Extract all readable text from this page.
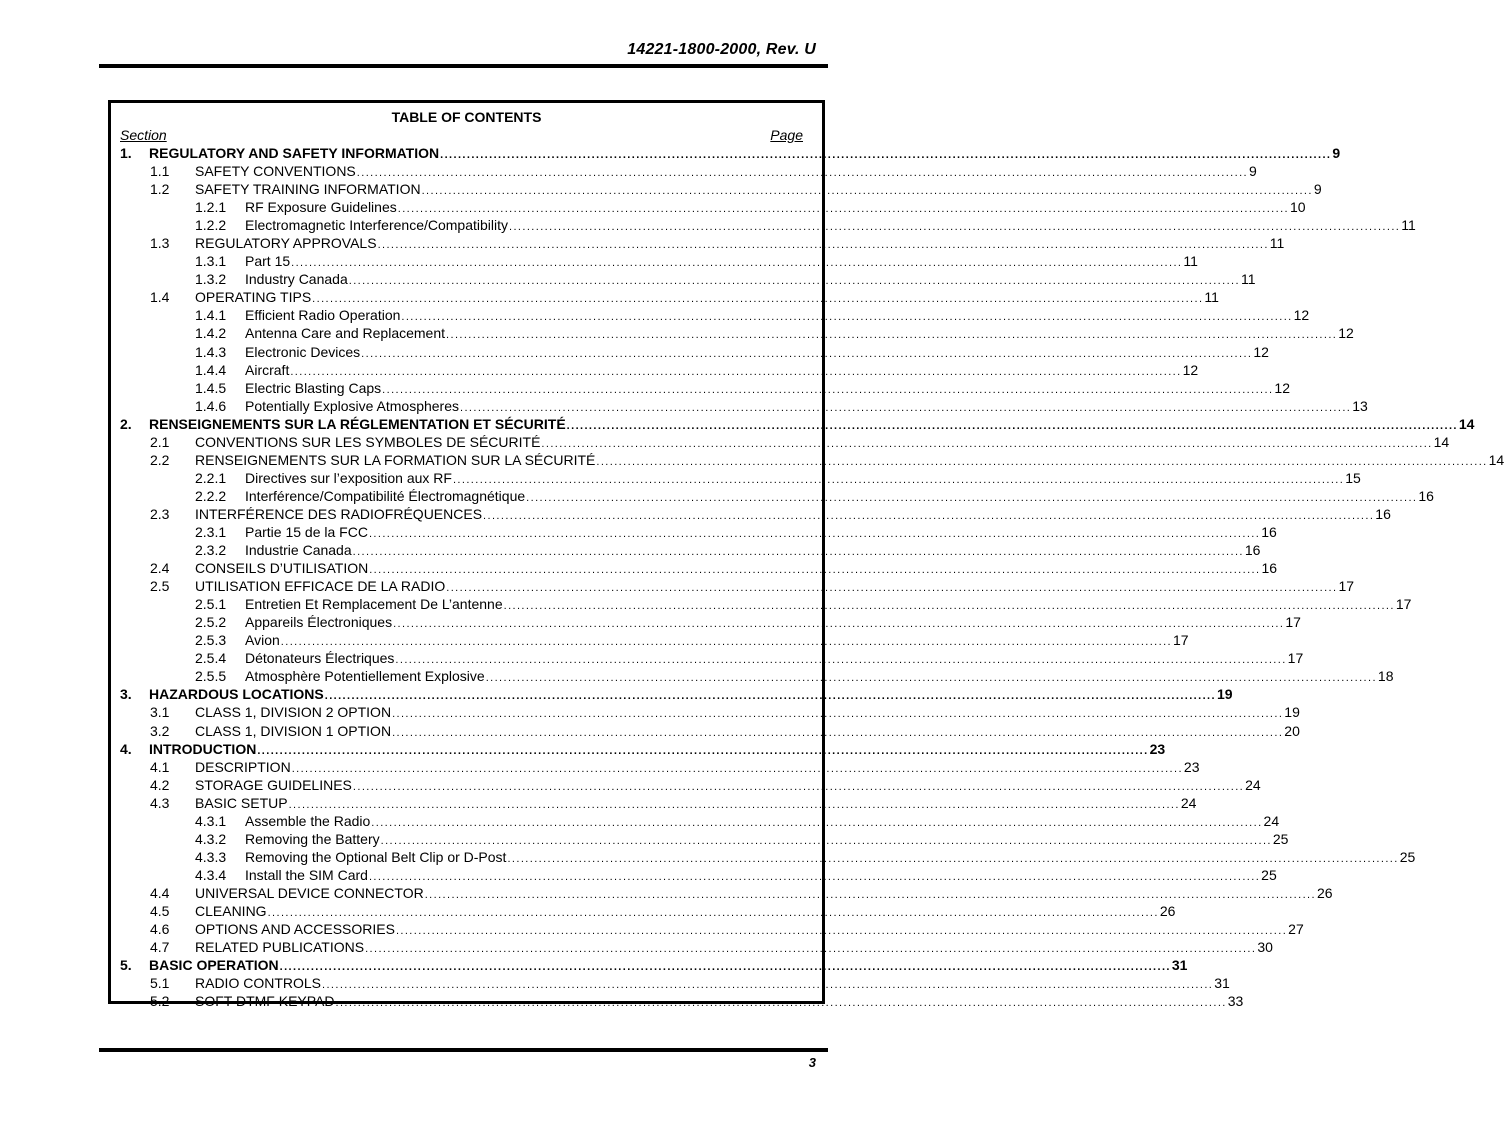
14221-1800-2000, Rev. U
TABLE OF CONTENTS
Section	Page
1. REGULATORY AND SAFETY INFORMATION ........................................................................................................................................................................................................ 9
1.1 SAFETY CONVENTIONS ........................................................................................................................................................................................................ 9
1.2 SAFETY TRAINING INFORMATION ........................................................................................................................................................................................................ 9
1.2.1 RF Exposure Guidelines ........................................................................................................................................................................................................ 10
1.2.2 Electromagnetic Interference/Compatibility ........................................................................................................................................................................................................ 11
1.3 REGULATORY APPROVALS ........................................................................................................................................................................................................ 11
1.3.1 Part 15 ........................................................................................................................................................................................................ 11
1.3.2 Industry Canada ........................................................................................................................................................................................................ 11
1.4 OPERATING TIPS ........................................................................................................................................................................................................ 11
1.4.1 Efficient Radio Operation ........................................................................................................................................................................................................ 12
1.4.2 Antenna Care and Replacement ........................................................................................................................................................................................................ 12
1.4.3 Electronic Devices ........................................................................................................................................................................................................ 12
1.4.4 Aircraft ........................................................................................................................................................................................................ 12
1.4.5 Electric Blasting Caps ........................................................................................................................................................................................................ 12
1.4.6 Potentially Explosive Atmospheres ........................................................................................................................................................................................................ 13
2. RENSEIGNEMENTS SUR LA RÉGLEMENTATION ET SÉCURITÉ ........................................................................................................................................................................................................ 14
2.1 CONVENTIONS SUR LES SYMBOLES DE SÉCURITÉ ........................................................................................................................................................................................................ 14
2.2 RENSEIGNEMENTS SUR LA FORMATION SUR LA SÉCURITÉ ........................................................................................................................................................................................................ 14
2.2.1 Directives sur l’exposition aux RF ........................................................................................................................................................................................................ 15
2.2.2 Interférence/Compatibilité Électromagnétique ........................................................................................................................................................................................................ 16
2.3 INTERFÉRENCE DES RADIOFRÉQUENCES ........................................................................................................................................................................................................ 16
2.3.1 Partie 15 de la FCC ........................................................................................................................................................................................................ 16
2.3.2 Industrie Canada ........................................................................................................................................................................................................ 16
2.4 CONSEILS D’UTILISATION ........................................................................................................................................................................................................ 16
2.5 UTILISATION EFFICACE DE LA RADIO ........................................................................................................................................................................................................ 17
2.5.1 Entretien Et Remplacement De L’antenne ........................................................................................................................................................................................................ 17
2.5.2 Appareils Électroniques ........................................................................................................................................................................................................ 17
2.5.3 Avion ........................................................................................................................................................................................................ 17
2.5.4 Détonateurs Électriques ........................................................................................................................................................................................................ 17
2.5.5 Atmosphère Potentiellement Explosive ........................................................................................................................................................................................................ 18
3. HAZARDOUS LOCATIONS ........................................................................................................................................................................................................ 19
3.1 CLASS 1, DIVISION 2 OPTION ........................................................................................................................................................................................................ 19
3.2 CLASS 1, DIVISION 1 OPTION ........................................................................................................................................................................................................ 20
4. INTRODUCTION ........................................................................................................................................................................................................ 23
4.1 DESCRIPTION ........................................................................................................................................................................................................ 23
4.2 STORAGE GUIDELINES ........................................................................................................................................................................................................ 24
4.3 BASIC SETUP ........................................................................................................................................................................................................ 24
4.3.1 Assemble the Radio ........................................................................................................................................................................................................ 24
4.3.2 Removing the Battery ........................................................................................................................................................................................................ 25
4.3.3 Removing the Optional Belt Clip or D-Post ........................................................................................................................................................................................................ 25
4.3.4 Install the SIM Card ........................................................................................................................................................................................................ 25
4.4 UNIVERSAL DEVICE CONNECTOR ........................................................................................................................................................................................................ 26
4.5 CLEANING ........................................................................................................................................................................................................ 26
4.6 OPTIONS AND ACCESSORIES ........................................................................................................................................................................................................ 27
4.7 RELATED PUBLICATIONS ........................................................................................................................................................................................................ 30
5. BASIC OPERATION ........................................................................................................................................................................................................ 31
5.1 RADIO CONTROLS ........................................................................................................................................................................................................ 31
5.2 SOFT DTMF KEYPAD ........................................................................................................................................................................................................ 33
3
